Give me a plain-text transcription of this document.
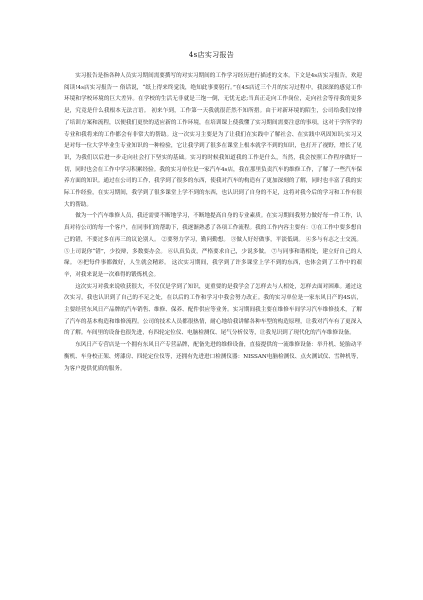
4s店实习报告

实习报告是指各种人员实习期间需要撰写的对实习期间的工作学习经历进行描述的文本。下文是4s店实习报告，欢迎阅读!4s店实习报告一 俗话说，“纸上得来终觉浅，绝知此事要躬行。”在4S店近三个月的实习过程中，我深深的感觉工作环境和学校环境的巨大差异。在学校的生活无非就是三饱一倒，无忧无虑;当真正走向工作岗位，走向社会等待我的更多是，究竟是什么我根本无法言语。 初来乍到，工作第一天我就很茫然不知所措。由于对新环境的陌生，公司给我们安排了培训方案和流程，以便我们更快的适应新的工作环境，在培训课上使我懂了实习期间需要注意的事项，这对于学所学的专业和我将来的工作都会有非常大的帮助。这一次实习主要是为了让我们在实践中了解社会、在实践中巩固知识;实习又是对每一位大学毕业生专业知识的一种检验，它让我学到了很多在课堂上根本就学不到的知识，也打开了视野，增长了见识，为我们以后进一步走向社会打下坚实的基础。实习的时候我知道我的工作是什么，当然，我会按照工作程序做好一切，同时也会在工作中学习积累经验。我的实习单位是一家汽车4s店，我在那里负责汽车的维修工作，了解了一些汽车保养方面的知识。通过在公司的工作，我学到了很多的东西，使我对汽车的构造有了更加深刻的了解，同时也丰富了我的实际工作经验，在实习期间，我学到了很多课堂上学不到的东西，也认识到了自身的不足，这将对我今后的学习和工作有很大的帮助。

做为一个汽车维修人员，我还需要不断地学习，不断地提高自身的专业素质。在实习期间我努力做好每一件工作，认真对待公司的每一个客户，在同事们的帮助下，我逐渐熟悉了各项工作流程。我的工作内容主要有：①在工作中要多想自己的错，不要过多在再三的议论别人。 ②要努力学习，勤问勤想。 ③做人好好做事，平淡低调。 ④多与有志之士交流。 ⑤上司说你“错”，少狡辩，多数要办会。 ⑥认真负责，严格要求自己，少说多做。 ⑦与同事和谐相处，建立好自己的人缘。 ⑧把每件事都做好，人生就会精彩。 这次实习期间，我学到了许多课堂上学不到的东西，也体会到了工作中的艰辛，对我来说是一次难得的锻炼机会。

这次实习对我来说收获很大，不仅仅是学到了知识，更重要的是我学会了怎样去与人相处，怎样去面对困难。通过这次实习，我也认识到了自己的不足之处，在以后的工作和学习中我会努力改正。我的实习单位是一家东风日产的4S店，主要经营东风日产品牌的汽车销售、维修、保养、配件供应等业务。实习期间我主要在维修车间学习汽车维修技术，了解了汽车的基本构造和维修流程。公司的技术人员都很热情，耐心地给我讲解各种车型的构造原理，让我对汽车有了更深入的了解。车间里的设备也很先进，有四轮定位仪、电脑检测仪、尾气分析仪等，让我见识到了现代化的汽车维修设备。

东风日产专营店是一个拥有东风日产专营品牌，配备先进的维修设备，直接提供的一流维修设备：举升机、轮胎动平衡机、车身校正架、烤漆房、四轮定位仪等，还拥有先进进口检测仪器：NISSAN电脑检测仪、点火测试仪、雪种机等，为客户提供优质的服务。
